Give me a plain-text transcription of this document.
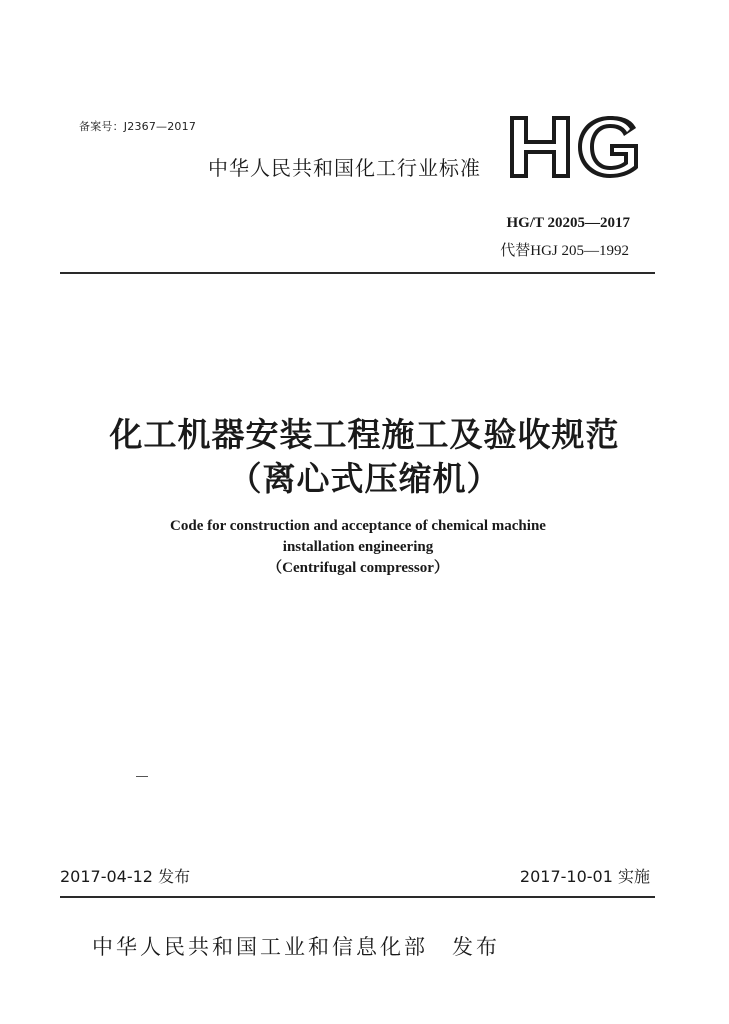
备案号：J2367—2017
中华人民共和国化工行业标准
HG/T 20205—2017
代替HGJ 205—1992
化工机器安装工程施工及验收规范
（离心式压缩机）
Code for construction and acceptance of chemical machine
installation engineering
（Centrifugal compressor）
2017-04-12 发布	2017-10-01 实施
中华人民共和国工业和信息化部　发布
